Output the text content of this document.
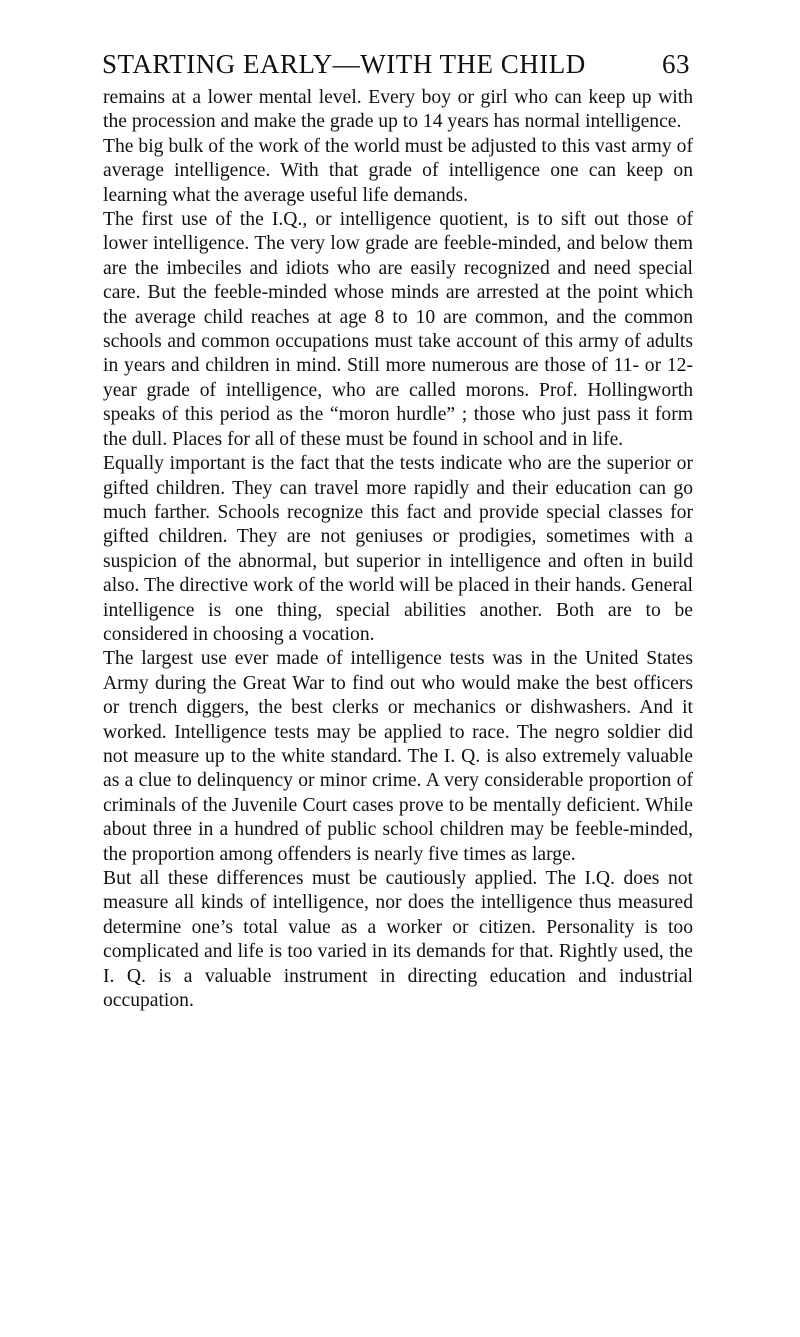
STARTING EARLY—WITH THE CHILD	63

remains at a lower mental level. Every boy or girl who can keep up with the procession and make the grade up to 14 years has normal intelligence.

The big bulk of the work of the world must be adjusted to this vast army of average intelligence. With that grade of intelligence one can keep on learning what the average useful life demands.

The first use of the I.Q., or intelligence quotient, is to sift out those of lower intelligence. The very low grade are feeble-minded, and below them are the imbeciles and idiots who are easily recognized and need special care. But the feeble-minded whose minds are arrested at the point which the average child reaches at age 8 to 10 are common, and the common schools and common occupations must take account of this army of adults in years and children in mind. Still more numerous are those of 11- or 12-year grade of intelligence, who are called morons. Prof. Hollingworth speaks of this period as the “moron hurdle” ; those who just pass it form the dull. Places for all of these must be found in school and in life.

Equally important is the fact that the tests indicate who are the superior or gifted children. They can travel more rapidly and their education can go much farther. Schools recognize this fact and provide special classes for gifted children. They are not geniuses or prodigies, sometimes with a suspicion of the abnormal, but superior in intelligence and often in build also. The directive work of the world will be placed in their hands. General intelligence is one thing, special abilities another. Both are to be considered in choosing a vocation.

The largest use ever made of intelligence tests was in the United States Army during the Great War to find out who would make the best officers or trench diggers, the best clerks or mechanics or dishwashers. And it worked. Intelligence tests may be applied to race. The negro soldier did not measure up to the white standard. The I. Q. is also extremely valuable as a clue to delinquency or minor crime. A very considerable proportion of criminals of the Juvenile Court cases prove to be mentally deficient. While about three in a hundred of public school children may be feeble-minded, the proportion among offenders is nearly five times as large.

But all these differences must be cautiously applied. The I.Q. does not measure all kinds of intelligence, nor does the intelligence thus measured determine one’s total value as a worker or citizen. Personality is too complicated and life is too varied in its demands for that. Rightly used, the I. Q. is a valuable instrument in directing education and industrial occupation.
